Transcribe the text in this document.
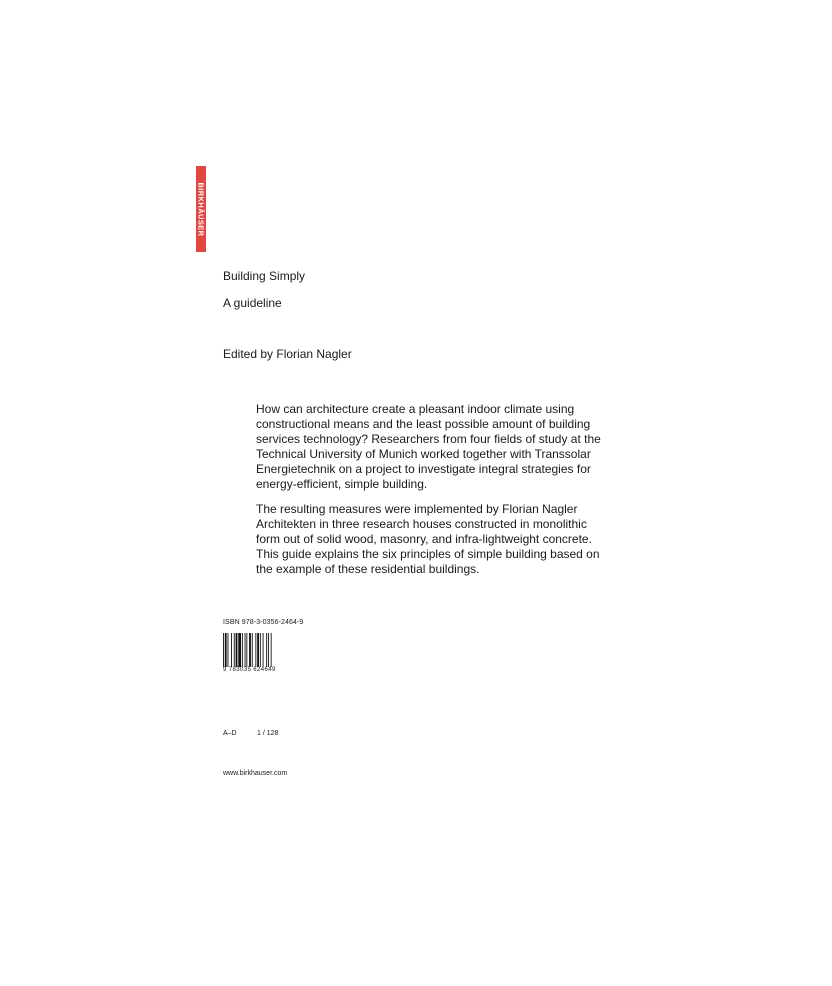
BIRKHÄUSER
Building Simply
A guideline
Edited by Florian Nagler

How can architecture create a pleasant indoor climate using constructional means and the least possible amount of building services technology? Researchers from four fields of study at the Technical University of Munich worked together with Transsolar Energietechnik on a project to investigate integral strategies for energy-efficient, simple building.

The resulting measures were implemented by Florian Nagler Architekten in three research houses constructed in monolithic form out of solid wood, masonry, and infra-lightweight concrete. This guide explains the six principles of simple building based on the example of these residential buildings.

ISBN 978-3-0356-2464-9
9 783035 624649
A–D	1 / 128
www.birkhauser.com
